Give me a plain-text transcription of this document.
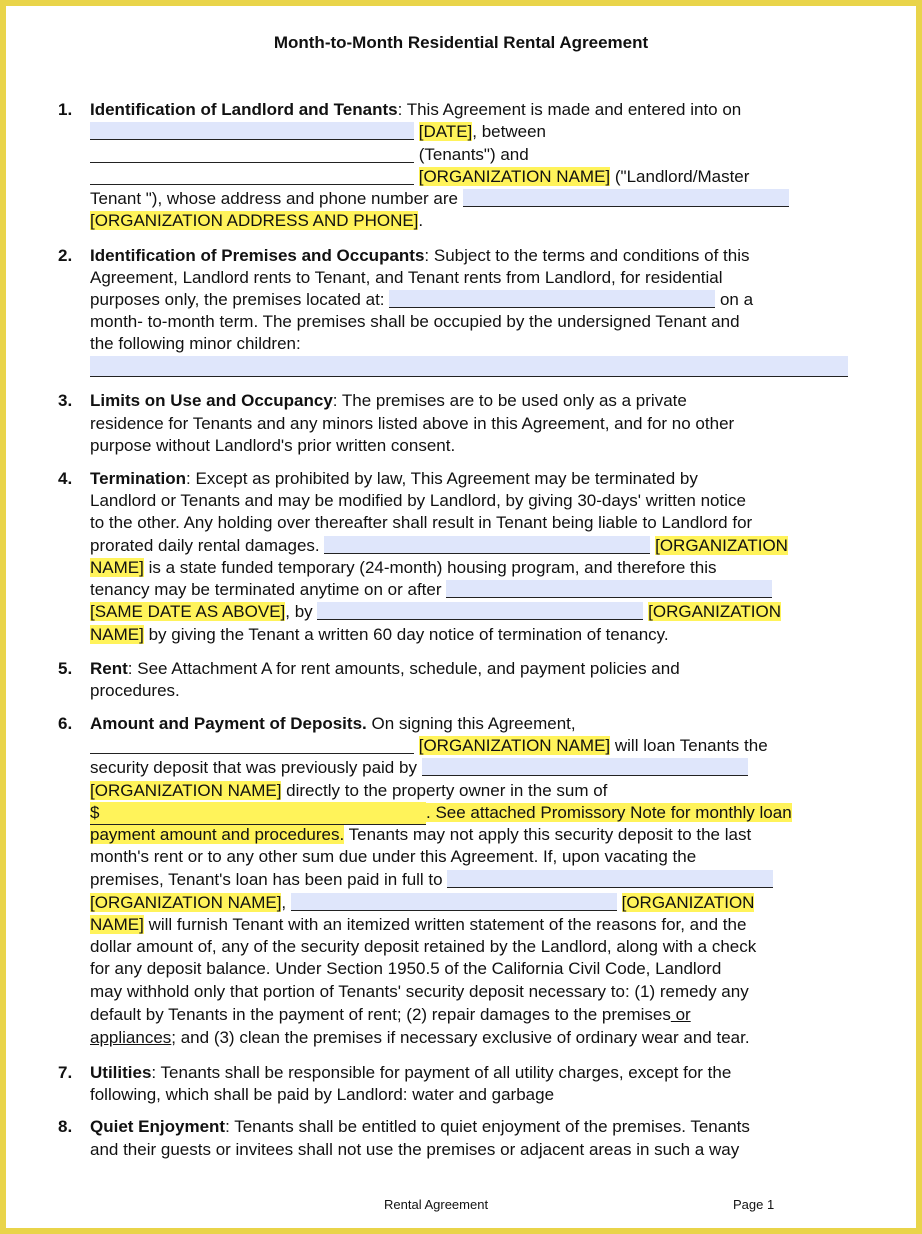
Month-to-Month Residential Rental Agreement
1. Identification of Landlord and Tenants: This Agreement is made and entered into on
[DATE], between
(Tenants") and
[ORGANIZATION NAME] ("Landlord/Master
Tenant "), whose address and phone number are
[ORGANIZATION ADDRESS AND PHONE].
2. Identification of Premises and Occupants: Subject to the terms and conditions of this
Agreement, Landlord rents to Tenant, and Tenant rents from Landlord, for residential
purposes only, the premises located at:	on a
month- to-month term. The premises shall be occupied by the undersigned Tenant and
the following minor children:
3. Limits on Use and Occupancy: The premises are to be used only as a private
residence for Tenants and any minors listed above in this Agreement, and for no other
purpose without Landlord's prior written consent.
4. Termination: Except as prohibited by law, This Agreement may be terminated by
Landlord or Tenants and may be modified by Landlord, by giving 30-days' written notice
to the other. Any holding over thereafter shall result in Tenant being liable to Landlord for
prorated daily rental damages.	[ORGANIZATION
NAME] is a state funded temporary (24-month) housing program, and therefore this
tenancy may be terminated anytime on or after
[SAME DATE AS ABOVE], by	[ORGANIZATION
NAME] by giving the Tenant a written 60 day notice of termination of tenancy.
5. Rent: See Attachment A for rent amounts, schedule, and payment policies and
procedures.
6. Amount and Payment of Deposits. On signing this Agreement,
[ORGANIZATION NAME] will loan Tenants the
security deposit that was previously paid by
[ORGANIZATION NAME] directly to the property owner in the sum of
$	. See attached Promissory Note for monthly loan
payment amount and procedures. Tenants may not apply this security deposit to the last
month's rent or to any other sum due under this Agreement. If, upon vacating the
premises, Tenant's loan has been paid in full to
[ORGANIZATION NAME],	[ORGANIZATION
NAME] will furnish Tenant with an itemized written statement of the reasons for, and the
dollar amount of, any of the security deposit retained by the Landlord, along with a check
for any deposit balance. Under Section 1950.5 of the California Civil Code, Landlord
may withhold only that portion of Tenants' security deposit necessary to: (1) remedy any
default by Tenants in the payment of rent; (2) repair damages to the premises or
appliances; and (3) clean the premises if necessary exclusive of ordinary wear and tear.
7. Utilities: Tenants shall be responsible for payment of all utility charges, except for the
following, which shall be paid by Landlord: water and garbage
8. Quiet Enjoyment: Tenants shall be entitled to quiet enjoyment of the premises. Tenants
and their guests or invitees shall not use the premises or adjacent areas in such a way
Rental Agreement	Page 1
